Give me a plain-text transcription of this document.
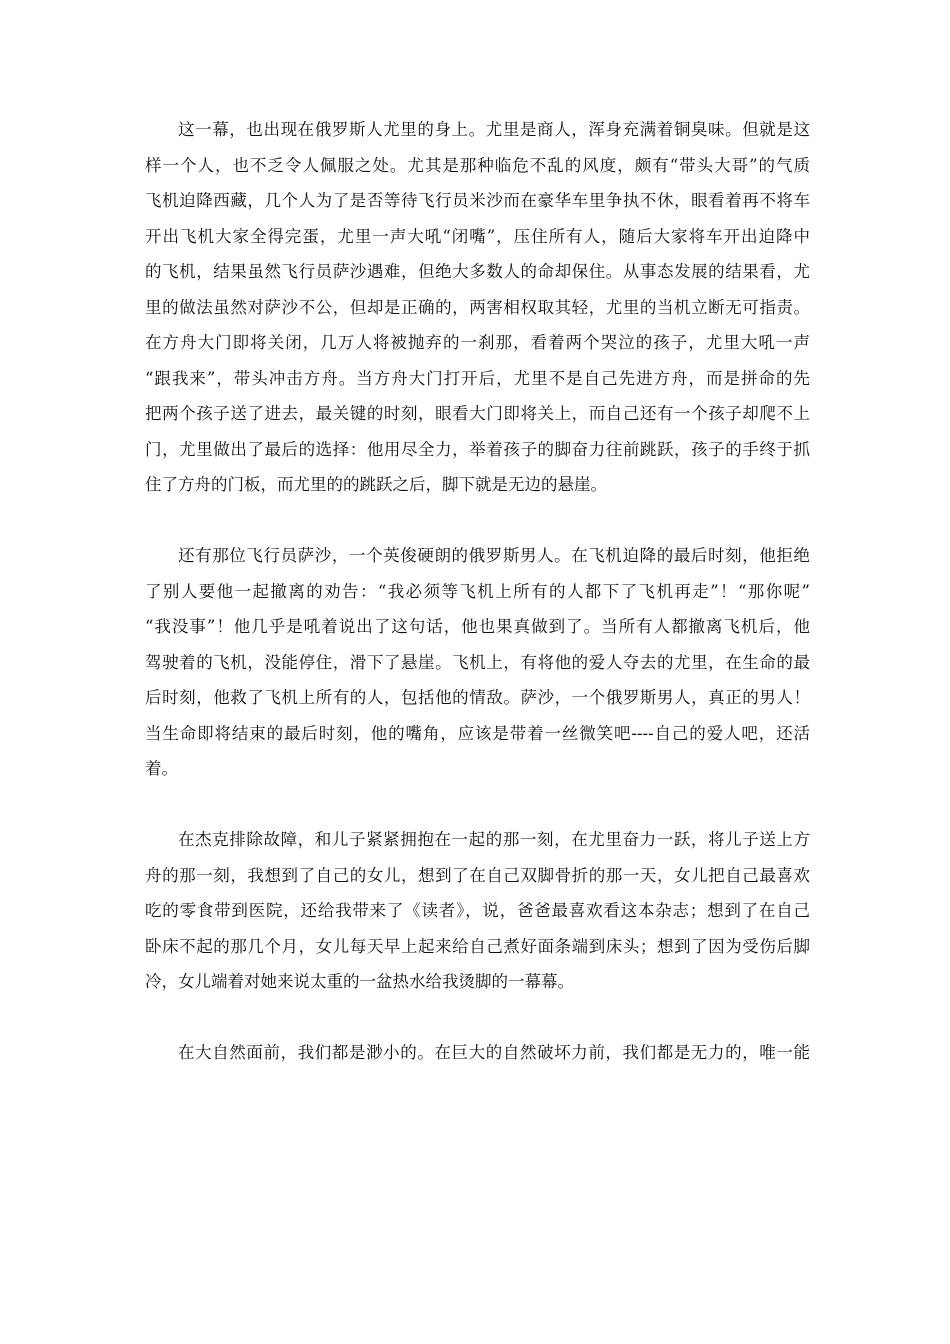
这一幕，也出现在俄罗斯人尤里的身上。尤里是商人，浑身充满着铜臭味。但就是这
样一个人，也不乏令人佩服之处。尤其是那种临危不乱的风度，颇有“带头大哥”的气质
飞机迫降西藏，几个人为了是否等待飞行员米沙而在豪华车里争执不休，眼看着再不将车
开出飞机大家全得完蛋，尤里一声大吼“闭嘴”，压住所有人，随后大家将车开出迫降中
的飞机，结果虽然飞行员萨沙遇难，但绝大多数人的命却保住。从事态发展的结果看，尤
里的做法虽然对萨沙不公，但却是正确的，两害相权取其轻，尤里的当机立断无可指责。
在方舟大门即将关闭，几万人将被抛弃的一刹那，看着两个哭泣的孩子，尤里大吼一声
“跟我来”，带头冲击方舟。当方舟大门打开后，尤里不是自己先进方舟，而是拼命的先
把两个孩子送了进去，最关键的时刻，眼看大门即将关上，而自己还有一个孩子却爬不上
门，尤里做出了最后的选择：他用尽全力，举着孩子的脚奋力往前跳跃，孩子的手终于抓
住了方舟的门板，而尤里的的跳跃之后，脚下就是无边的悬崖。
还有那位飞行员萨沙，一个英俊硬朗的俄罗斯男人。在飞机迫降的最后时刻，他拒绝
了别人要他一起撤离的劝告：“我必须等飞机上所有的人都下了飞机再走”！“那你呢”
“我没事”！他几乎是吼着说出了这句话，他也果真做到了。当所有人都撤离飞机后，他
驾驶着的飞机，没能停住，滑下了悬崖。飞机上，有将他的爱人夺去的尤里，在生命的最
后时刻，他救了飞机上所有的人，包括他的情敌。萨沙，一个俄罗斯男人，真正的男人！
当生命即将结束的最后时刻，他的嘴角，应该是带着一丝微笑吧----自己的爱人吧，还活
着。
在杰克排除故障，和儿子紧紧拥抱在一起的那一刻，在尤里奋力一跃，将儿子送上方
舟的那一刻，我想到了自己的女儿，想到了在自己双脚骨折的那一天，女儿把自己最喜欢
吃的零食带到医院，还给我带来了《读者》，说，爸爸最喜欢看这本杂志；想到了在自己
卧床不起的那几个月，女儿每天早上起来给自己煮好面条端到床头；想到了因为受伤后脚
冷，女儿端着对她来说太重的一盆热水给我烫脚的一幕幕。
在大自然面前，我们都是渺小的。在巨大的自然破坏力前，我们都是无力的，唯一能
